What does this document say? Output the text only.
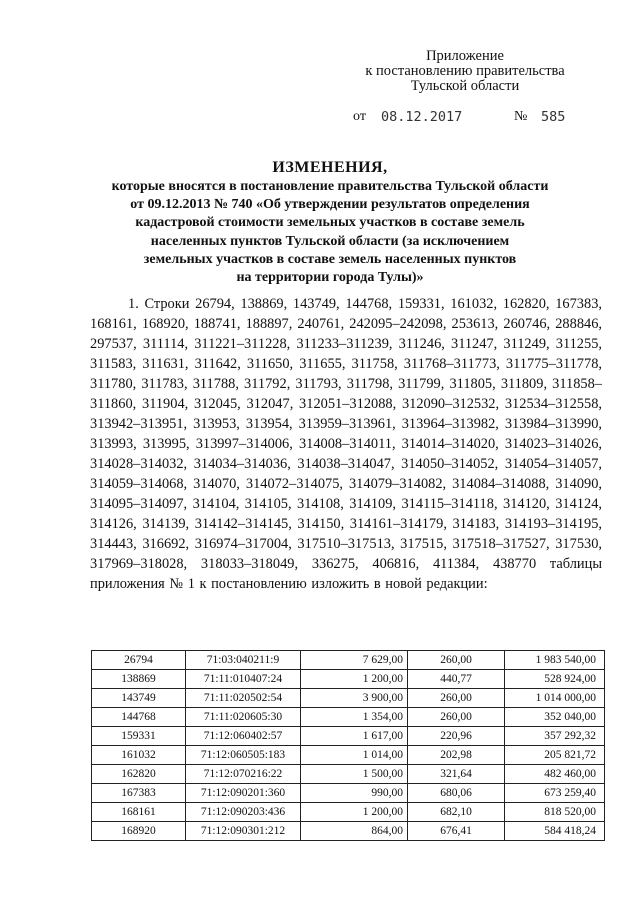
Приложение
к постановлению правительства
Тульской области
от 08.12.2017	№ 585
ИЗМЕНЕНИЯ,
которые вносятся в постановление правительства Тульской области
от 09.12.2013 № 740 «Об утверждении результатов определения
кадастровой стоимости земельных участков в составе земель
населенных пунктов Тульской области (за исключением
земельных участков в составе земель населенных пунктов
на территории города Тулы)»

1. Строки 26794, 138869, 143749, 144768, 159331, 161032, 162820, 167383, 168161, 168920, 188741, 188897, 240761, 242095–242098, 253613, 260746, 288846, 297537, 311114, 311221–311228, 311233–311239, 311246, 311247, 311249, 311255, 311583, 311631, 311642, 311650, 311655, 311758, 311768–311773, 311775–311778, 311780, 311783, 311788, 311792, 311793, 311798, 311799, 311805, 311809, 311858–311860, 311904, 312045, 312047, 312051–312088, 312090–312532, 312534–312558, 313942–313951, 313953, 313954, 313959–313961, 313964–313982, 313984–313990, 313993, 313995, 313997–314006, 314008–314011, 314014–314020, 314023–314026, 314028–314032, 314034–314036, 314038–314047, 314050–314052, 314054–314057, 314059–314068, 314070, 314072–314075, 314079–314082, 314084–314088, 314090, 314095–314097, 314104, 314105, 314108, 314109, 314115–314118, 314120, 314124, 314126, 314139, 314142–314145, 314150, 314161–314179, 314183, 314193–314195, 314443, 316692, 316974–317004, 317510–317513, 317515, 317518–317527, 317530, 317969–318028, 318033–318049, 336275, 406816, 411384, 438770 таблицы приложения № 1 к постановлению изложить в новой редакции:

26794	71:03:040211:9	7 629,00	260,00	1 983 540,00
138869	71:11:010407:24	1 200,00	440,77	528 924,00
143749	71:11:020502:54	3 900,00	260,00	1 014 000,00
144768	71:11:020605:30	1 354,00	260,00	352 040,00
159331	71:12:060402:57	1 617,00	220,96	357 292,32
161032	71:12:060505:183	1 014,00	202,98	205 821,72
162820	71:12:070216:22	1 500,00	321,64	482 460,00
167383	71:12:090201:360	990,00	680,06	673 259,40
168161	71:12:090203:436	1 200,00	682,10	818 520,00
168920	71:12:090301:212	864,00	676,41	584 418,24
